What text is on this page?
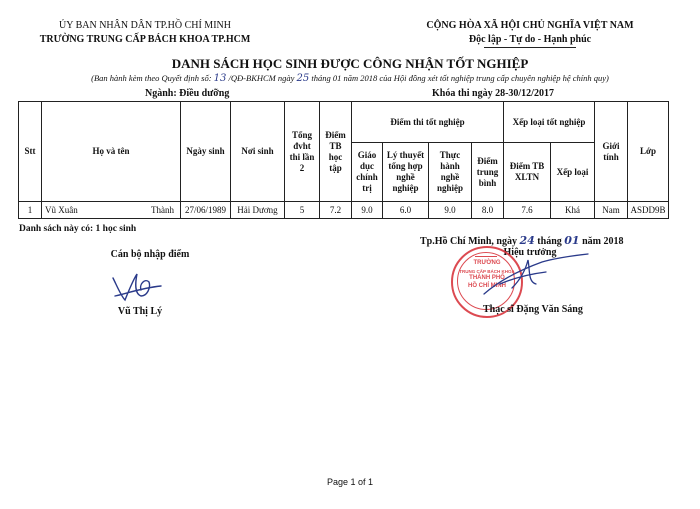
ỦY BAN NHÂN DÂN TP.HỒ CHÍ MINH
TRƯỜNG TRUNG CẤP BÁCH KHOA TP.HCM
CỘNG HÒA XÃ HỘI CHỦ NGHĨA VIỆT NAM
Độc lập - Tự do - Hạnh phúc
DANH SÁCH HỌC SINH ĐƯỢC CÔNG NHẬN TỐT NGHIỆP
(Ban hành kèm theo Quyết định số: 13 /QĐ-BKHCM ngày 25 tháng 01 năm 2018 của Hội đồng xét tốt nghiệp trung cấp chuyên nghiệp hệ chính quy)
Ngành: Điều dưỡng	Khóa thi ngày 28-30/12/2017
Stt	Họ và tên	Ngày sinh	Nơi sinh	Tổng đvht thi lần 2	Điểm TB học tập	Điểm thi tốt nghiệp				Xếp loại tốt nghiệp		Giới tính	Lớp
						Giáo dục chính trị	Lý thuyết tổng hợp nghề nghiệp	Thực hành nghề nghiệp	Điểm trung bình	Điểm TB XLTN	Xếp loại		
1	Vũ Xuân Thành	27/06/1989	Hải Dương	5	7.2	9.0	6.0	9.0	8.0	7.6	Khá	Nam	ASDD9B
Danh sách này có: 1 học sinh
Cán bộ nhập điểm
Vũ Thị Lý
Tp.Hồ Chí Minh, ngày 24 tháng 01 năm 2018
Hiệu trưởng
TRƯỜNG
TRUNG CẤP BÁCH KHOA
THÀNH PHỐ
HỒ CHÍ MINH
Thạc sĩ Đặng Văn Sáng
Page 1 of 1
